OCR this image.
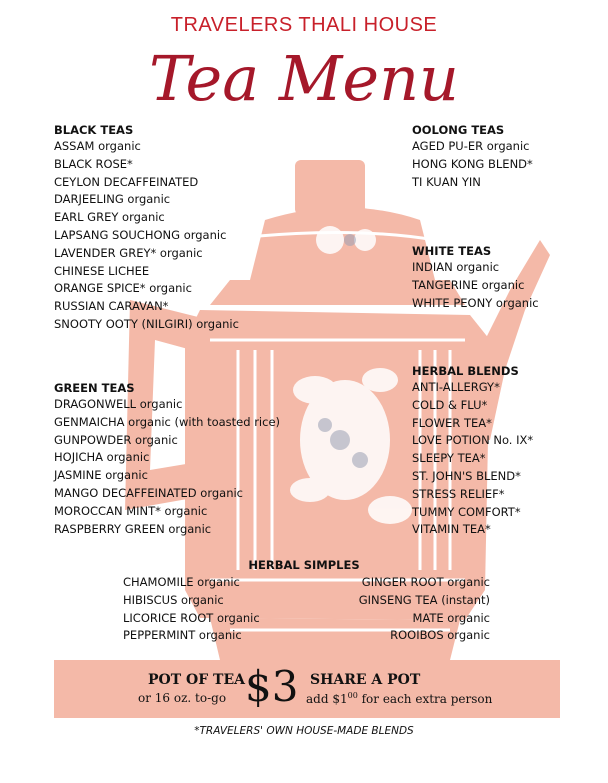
TRAVELERS THALI HOUSE
Tea Menu
BLACK TEAS
ASSAM organic
BLACK ROSE*
CEYLON DECAFFEINATED
DARJEELING organic
EARL GREY organic
LAPSANG SOUCHONG organic
LAVENDER GREY* organic
CHINESE LICHEE
ORANGE SPICE* organic
RUSSIAN CARAVAN*
SNOOTY OOTY (NILGIRI) organic
GREEN TEAS
DRAGONWELL organic
GENMAICHA organic (with toasted rice)
GUNPOWDER organic
HOJICHA organic
JASMINE organic
MANGO DECAFFEINATED organic
MOROCCAN MINT* organic
RASPBERRY GREEN organic
OOLONG TEAS
AGED PU-ER organic
HONG KONG BLEND*
TI KUAN YIN
WHITE TEAS
INDIAN organic
TANGERINE organic
WHITE PEONY organic
HERBAL BLENDS
ANTI-ALLERGY*
COLD & FLU*
FLOWER TEA*
LOVE POTION No. IX*
SLEEPY TEA*
ST. JOHN'S BLEND*
STRESS RELIEF*
TUMMY COMFORT*
VITAMIN TEA*
HERBAL SIMPLES
CHAMOMILE organic
HIBISCUS organic
LICORICE ROOT organic
PEPPERMINT organic
GINGER ROOT organic
GINSENG TEA (instant)
MATE organic
ROOIBOS organic
POT OF TEA
or 16 oz. to-go $3 SHARE A POT
add $\$1^{00}$ for each extra person
*TRAVELERS' OWN HOUSE-MADE BLENDS
